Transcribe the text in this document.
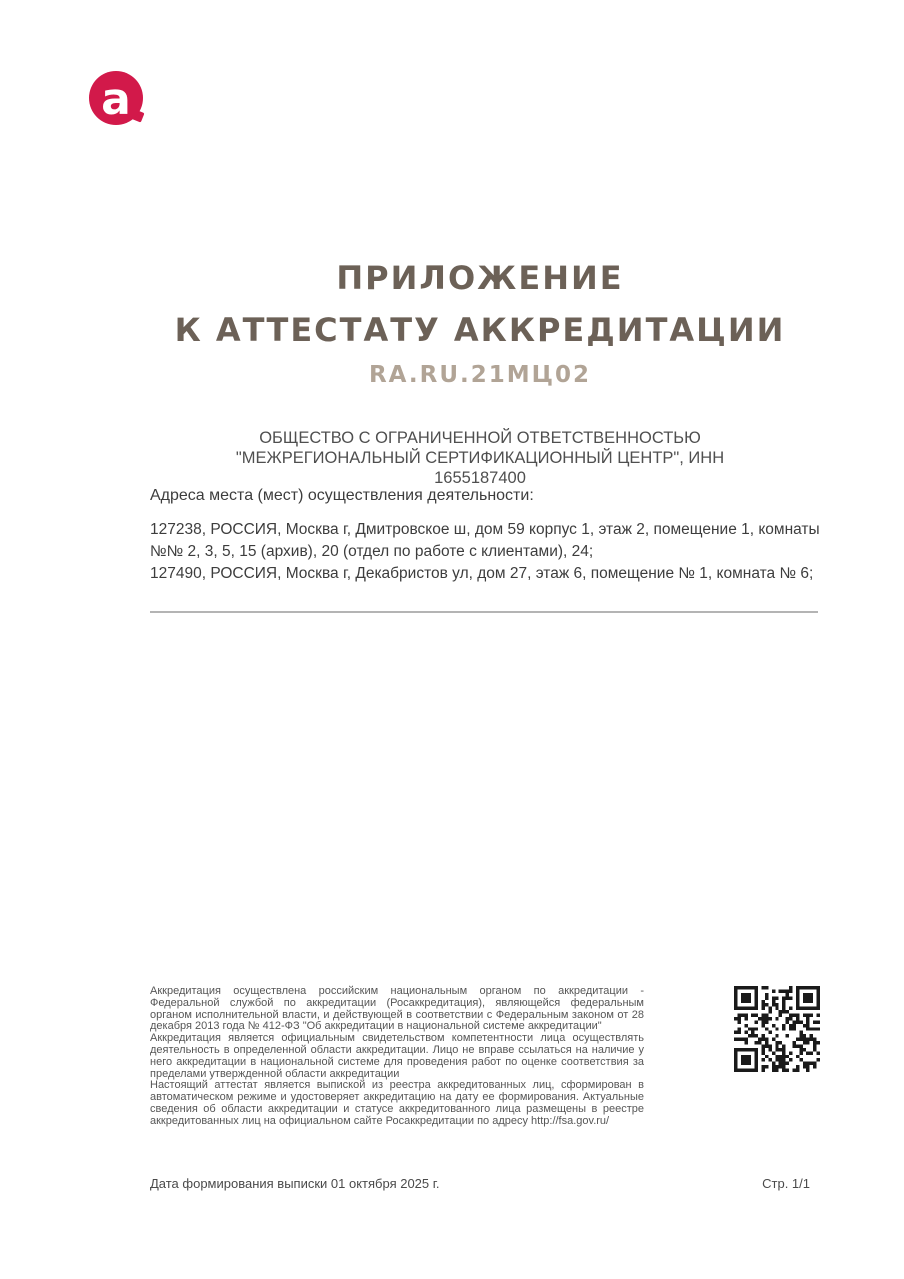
а
ПРИЛОЖЕНИЕ
К АТТЕСТАТУ АККРЕДИТАЦИИ
RA.RU.21МЦ02
ОБЩЕСТВО С ОГРАНИЧЕННОЙ ОТВЕТСТВЕННОСТЬЮ "МЕЖРЕГИОНАЛЬНЫЙ СЕРТИФИКАЦИОННЫЙ ЦЕНТР", ИНН 1655187400
Адреса места (мест) осуществления деятельности:
127238, РОССИЯ, Москва г, Дмитровское ш, дом 59 корпус 1, этаж 2, помещение 1, комнаты
№№ 2, 3, 5, 15 (архив), 20 (отдел по работе с клиентами), 24;
127490, РОССИЯ, Москва г, Декабристов ул, дом 27, этаж 6, помещение № 1, комната № 6;

Аккредитация осуществлена российским национальным органом по аккредитации - Федеральной службой по аккредитации (Росаккредитация), являющейся федеральным органом исполнительной власти, и действующей в соответствии с Федеральным законом от 28 декабря 2013 года № 412-ФЗ "Об аккредитации в национальной системе аккредитации"

Аккредитация является официальным свидетельством компетентности лица осуществлять деятельность в определенной области аккредитации. Лицо не вправе ссылаться на наличие у него аккредитации в национальной системе для проведения работ по оценке соответствия за пределами утвержденной области аккредитации

Настоящий аттестат является выпиской из реестра аккредитованных лиц, сформирован в автоматическом режиме и удостоверяет аккредитацию на дату ее формирования. Актуальные сведения об области аккредитации и статусе аккредитованного лица размещены в реестре аккредитованных лиц на официальном сайте Росаккредитации по адресу http://fsa.gov.ru/

Дата формирования выписки 01 октября 2025 г.	Стр. 1/1
